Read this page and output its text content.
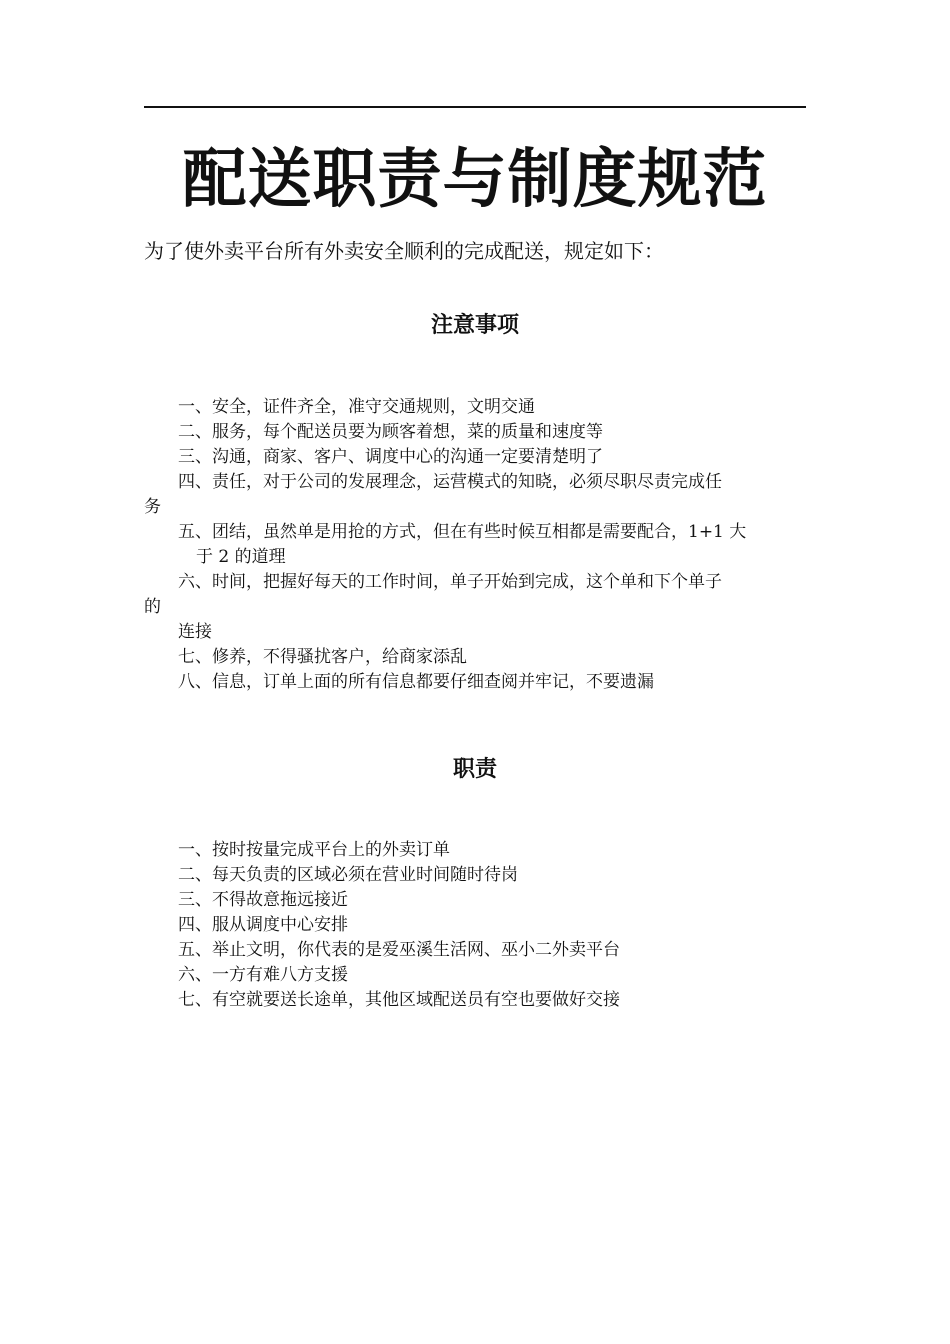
配送职责与制度规范
为了使外卖平台所有外卖安全顺利的完成配送，规定如下：
注意事项
一、安全，证件齐全，准守交通规则，文明交通
二、服务，每个配送员要为顾客着想，菜的质量和速度等
三、沟通，商家、客户、调度中心的沟通一定要清楚明了
四、责任，对于公司的发展理念，运营模式的知晓，必须尽职尽责完成任
务
五、团结，虽然单是用抢的方式，但在有些时候互相都是需要配合，1+1 大
于 2 的道理
六、时间，把握好每天的工作时间，单子开始到完成，这个单和下个单子
的
连接
七、修养，不得骚扰客户，给商家添乱
八、信息，订单上面的所有信息都要仔细查阅并牢记，不要遗漏
职责
一、按时按量完成平台上的外卖订单
二、每天负责的区域必须在营业时间随时待岗
三、不得故意拖远接近
四、服从调度中心安排
五、举止文明，你代表的是爱巫溪生活网、巫小二外卖平台
六、一方有难八方支援
七、有空就要送长途单，其他区域配送员有空也要做好交接
